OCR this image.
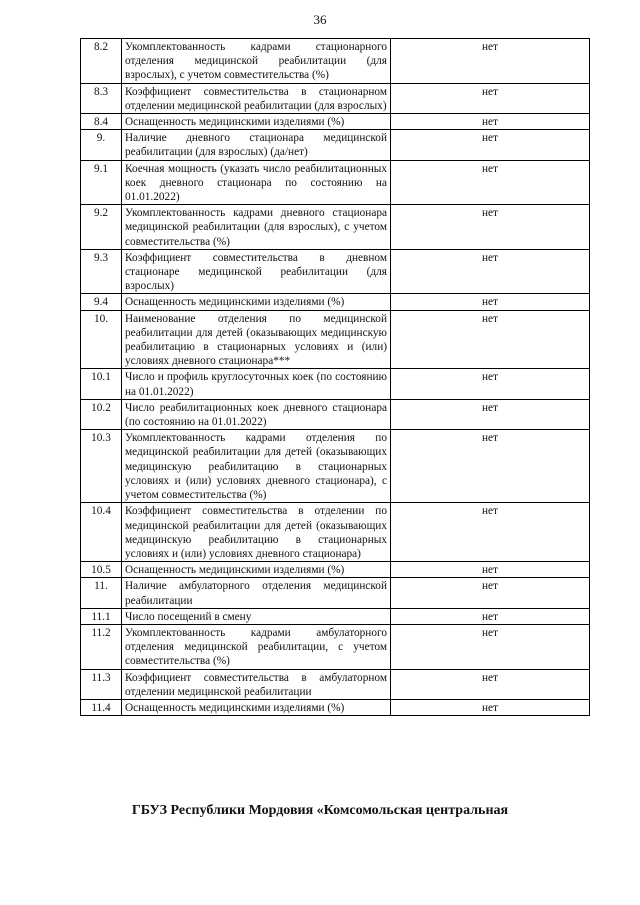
36
8.2	Укомплектованность кадрами стационарного отделения медицинской реабилитации (для взрослых), с учетом совместительства (%)	нет
8.3	Коэффициент совместительства в стационарном отделении медицинской реабилитации (для взрослых)	нет
8.4	Оснащенность медицинскими изделиями (%)	нет
9.	Наличие дневного стационара медицинской реабилитации (для взрослых) (да/нет)	нет
9.1	Коечная мощность (указать число реабилитационных коек дневного стационара по состоянию на 01.01.2022)	нет
9.2	Укомплектованность кадрами дневного стационара медицинской реабилитации (для взрослых), с учетом совместительства (%)	нет
9.3	Коэффициент совместительства в дневном стационаре медицинской реабилитации (для взрослых)	нет
9.4	Оснащенность медицинскими изделиями (%)	нет
10.	Наименование отделения по медицинской реабилитации для детей (оказывающих медицинскую реабилитацию в стационарных условиях и (или) условиях дневного стационара***	нет
10.1	Число и профиль круглосуточных коек (по состоянию на 01.01.2022)	нет
10.2	Число реабилитационных коек дневного стационара (по состоянию на 01.01.2022)	нет
10.3	Укомплектованность кадрами отделения по медицинской реабилитации для детей (оказывающих медицинскую реабилитацию в стационарных условиях и (или) условиях дневного стационара), с учетом совместительства (%)	нет
10.4	Коэффициент совместительства в отделении по медицинской реабилитации для детей (оказывающих медицинскую реабилитацию в стационарных условиях и (или) условиях дневного стационара)	нет
10.5	Оснащенность медицинскими изделиями (%)	нет
11.	Наличие амбулаторного отделения медицинской реабилитации	нет
11.1	Число посещений в смену	нет
11.2	Укомплектованность кадрами амбулаторного отделения медицинской реабилитации, с учетом совместительства (%)	нет
11.3	Коэффициент совместительства в амбулаторном отделении медицинской реабилитации	нет
11.4	Оснащенность медицинскими изделиями (%)	нет
ГБУЗ Республики Мордовия «Комсомольская центральная
